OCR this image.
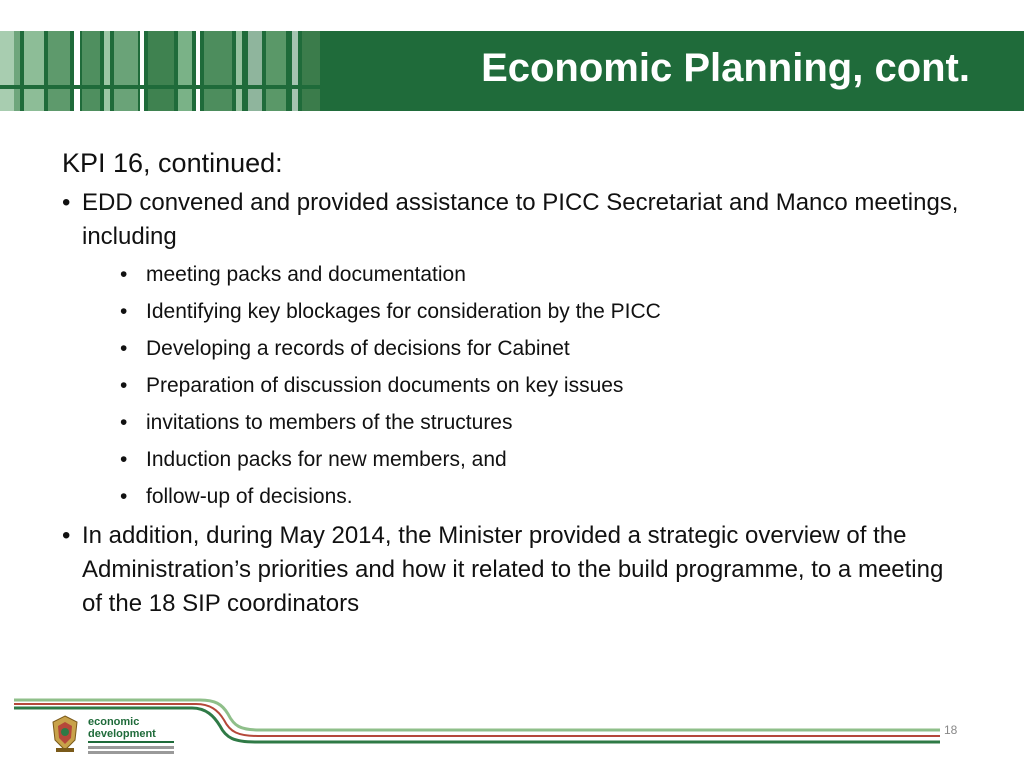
Economic Planning, cont.
KPI 16, continued:
• EDD convened and provided assistance to PICC Secretariat and Manco meetings, including
• meeting packs and documentation
• Identifying key blockages for consideration by the PICC
• Developing a records of decisions for Cabinet
• Preparation of discussion documents on key issues
• invitations to members of the structures
• Induction packs for new members, and
• follow-up of decisions.
• In addition, during May 2014, the Minister provided a strategic overview of the Administration’s priorities and how it related to the build programme, to a meeting of the 18 SIP coordinators
economic
development	18
